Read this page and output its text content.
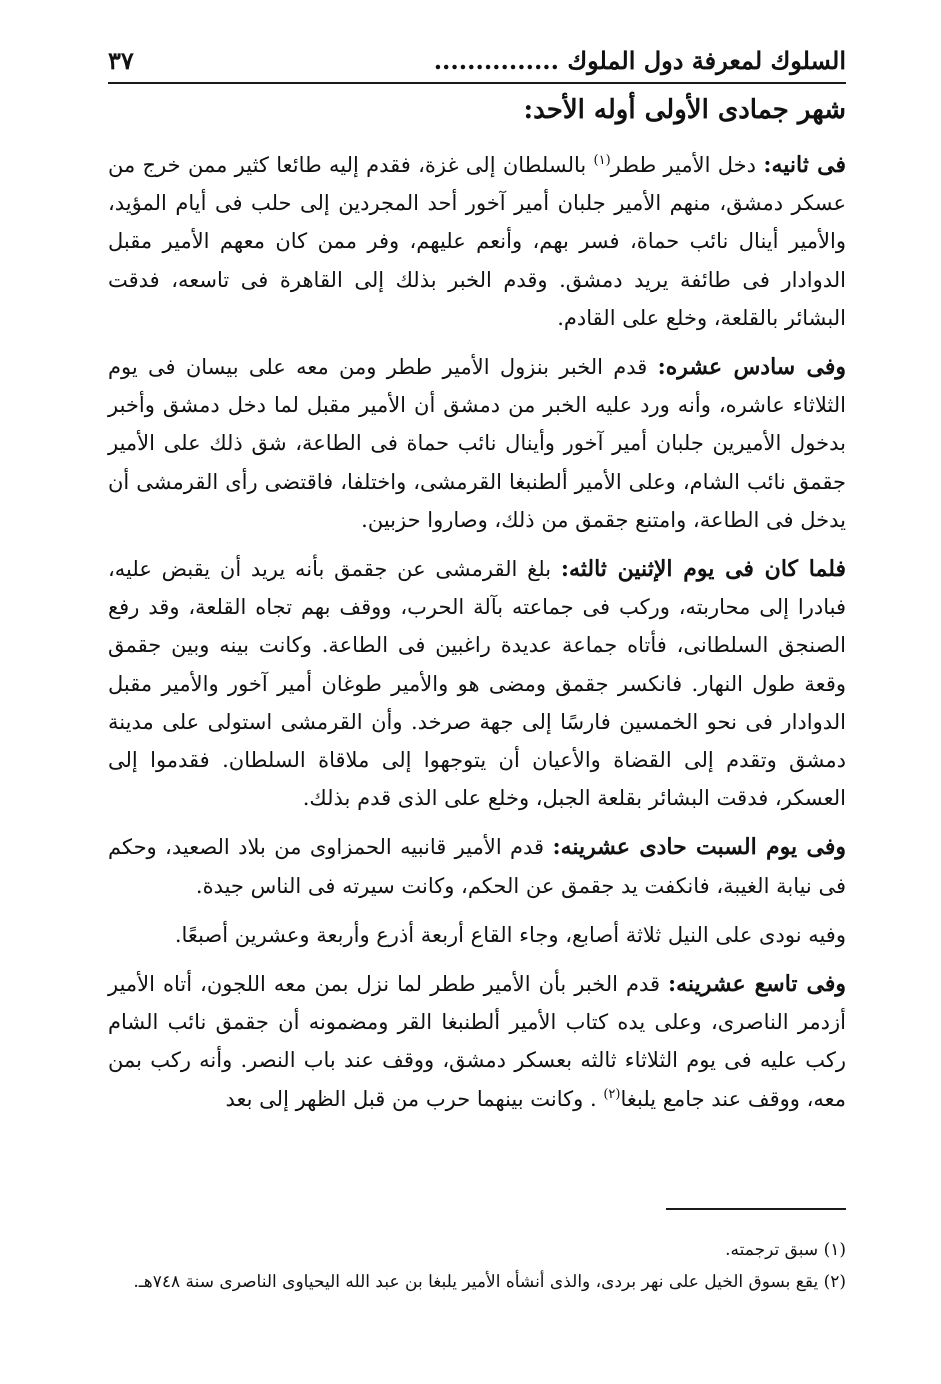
السلوك لمعرفة دول الملوك ...............
٣٧
شهر جمادى الأولى أوله الأحد:

فى ثانيه: دخل الأمير ططر$^{(١)}$ بالسلطان إلى غزة، فقدم إليه طائعا كثير ممن خرج من عسكر دمشق، منهم الأمير جلبان أمير آخور أحد المجردين إلى حلب فى أيام المؤيد، والأمير أينال نائب حماة، فسر بهم، وأنعم عليهم، وفر ممن كان معهم الأمير مقبل الدوادار فى طائفة يريد دمشق. وقدم الخبر بذلك إلى القاهرة فى تاسعه، فدقت البشائر بالقلعة، وخلع على القادم.

وفى سادس عشره: قدم الخبر بنزول الأمير ططر ومن معه على بيسان فى يوم الثلاثاء عاشره، وأنه ورد عليه الخبر من دمشق أن الأمير مقبل لما دخل دمشق وأخبر بدخول الأميرين جلبان أمير آخور وأينال نائب حماة فى الطاعة، شق ذلك على الأمير جقمق نائب الشام، وعلى الأمير ألطنبغا القرمشى، واختلفا، فاقتضى رأى القرمشى أن يدخل فى الطاعة، وامتنع جقمق من ذلك، وصاروا حزبين.

فلما كان فى يوم الإثنين ثالثه: بلغ القرمشى عن جقمق بأنه يريد أن يقبض عليه، فبادرا إلى محاربته، وركب فى جماعته بآلة الحرب، ووقف بهم تجاه القلعة، وقد رفع الصنجق السلطانى، فأتاه جماعة عديدة راغبين فى الطاعة. وكانت بينه وبين جقمق وقعة طول النهار. فانكسر جقمق ومضى هو والأمير طوغان أمير آخور والأمير مقبل الدوادار فى نحو الخمسين فارسًا إلى جهة صرخد. وأن القرمشى استولى على مدينة دمشق وتقدم إلى القضاة والأعيان أن يتوجهوا إلى ملاقاة السلطان. فقدموا إلى العسكر، فدقت البشائر بقلعة الجبل، وخلع على الذى قدم بذلك.

وفى يوم السبت حادى عشرينه: قدم الأمير قانبيه الحمزاوى من بلاد الصعيد، وحكم فى نيابة الغيبة، فانكفت يد جقمق عن الحكم، وكانت سيرته فى الناس جيدة.

وفيه نودى على النيل ثلاثة أصابع، وجاء القاع أربعة أذرع وأربعة وعشرين أصبعًا.

وفى تاسع عشرينه: قدم الخبر بأن الأمير ططر لما نزل بمن معه اللجون، أتاه الأمير أزدمر الناصرى، وعلى يده كتاب الأمير ألطنبغا القر ومضمونه أن جقمق نائب الشام ركب عليه فى يوم الثلاثاء ثالثه بعسكر دمشق، ووقف عند باب النصر. وأنه ركب بمن معه، ووقف عند جامع يلبغا$^{(٢)}$ . وكانت بينهما حرب من قبل الظهر إلى بعد

(١) سبق ترجمته.

(٢) يقع بسوق الخيل على نهر بردى، والذى أنشأه الأمير يلبغا بن عبد الله اليحياوى الناصرى سنة ٧٤٨هـ.
